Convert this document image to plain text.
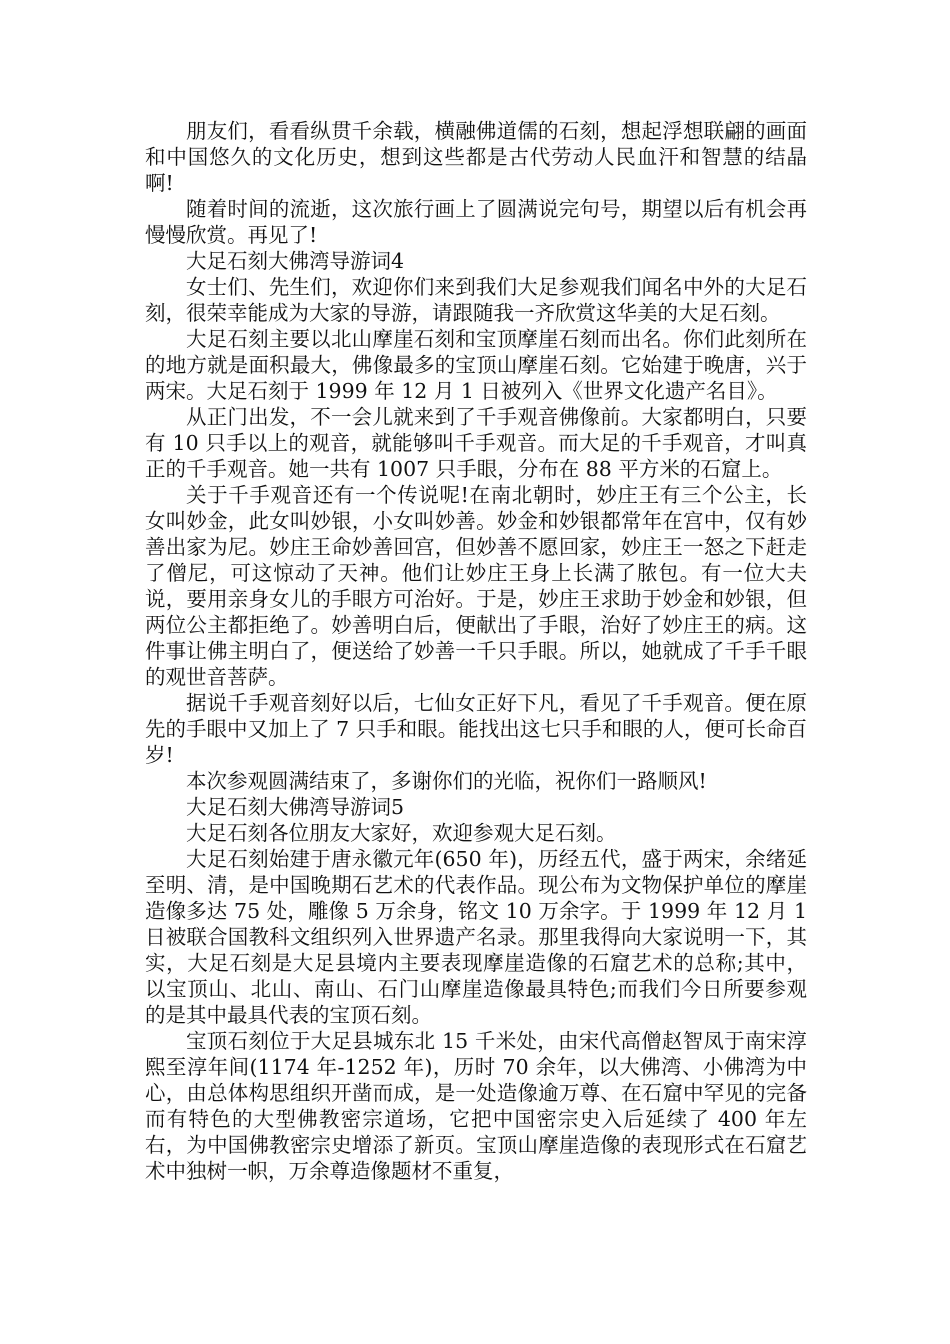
朋友们，看看纵贯千余载，横融佛道儒的石刻，想起浮想联翩的画面和中国悠久的文化历史，想到这些都是古代劳动人民血汗和智慧的结晶啊!

随着时间的流逝，这次旅行画上了圆满说完句号，期望以后有机会再慢慢欣赏。再见了!

大足石刻大佛湾导游词4

女士们、先生们，欢迎你们来到我们大足参观我们闻名中外的大足石刻，很荣幸能成为大家的导游，请跟随我一齐欣赏这华美的大足石刻。

大足石刻主要以北山摩崖石刻和宝顶摩崖石刻而出名。你们此刻所在的地方就是面积最大，佛像最多的宝顶山摩崖石刻。它始建于晚唐，兴于两宋。大足石刻于 1999 年 12 月 1 日被列入《世界文化遗产名目》。

从正门出发，不一会儿就来到了千手观音佛像前。大家都明白，只要有 10 只手以上的观音，就能够叫千手观音。而大足的千手观音，才叫真正的千手观音。她一共有 1007 只手眼，分布在 88 平方米的石窟上。

关于千手观音还有一个传说呢!在南北朝时，妙庄王有三个公主，长女叫妙金，此女叫妙银，小女叫妙善。妙金和妙银都常年在宫中，仅有妙善出家为尼。妙庄王命妙善回宫，但妙善不愿回家，妙庄王一怒之下赶走了僧尼，可这惊动了天神。他们让妙庄王身上长满了脓包。有一位大夫说，要用亲身女儿的手眼方可治好。于是，妙庄王求助于妙金和妙银，但两位公主都拒绝了。妙善明白后，便献出了手眼，治好了妙庄王的病。这件事让佛主明白了，便送给了妙善一千只手眼。所以，她就成了千手千眼的观世音菩萨。

据说千手观音刻好以后，七仙女正好下凡，看见了千手观音。便在原先的手眼中又加上了 7 只手和眼。能找出这七只手和眼的人，便可长命百岁!

本次参观圆满结束了，多谢你们的光临，祝你们一路顺风!

大足石刻大佛湾导游词5

大足石刻各位朋友大家好，欢迎参观大足石刻。

大足石刻始建于唐永徽元年(650 年)，历经五代，盛于两宋，余绪延至明、清，是中国晚期石艺术的代表作品。现公布为文物保护单位的摩崖造像多达 75 处，雕像 5 万余身，铭文 10 万余字。于 1999 年 12 月 1 日被联合国教科文组织列入世界遗产名录。那里我得向大家说明一下，其实，大足石刻是大足县境内主要表现摩崖造像的石窟艺术的总称;其中，以宝顶山、北山、南山、石门山摩崖造像最具特色;而我们今日所要参观的是其中最具代表的宝顶石刻。

宝顶石刻位于大足县城东北 15 千米处，由宋代高僧赵智凤于南宋淳熙至淳年间(1174 年-1252 年)，历时 70 余年，以大佛湾、小佛湾为中心，由总体构思组织开凿而成，是一处造像逾万尊、在石窟中罕见的完备而有特色的大型佛教密宗道场，它把中国密宗史入后延续了 400 年左右，为中国佛教密宗史增添了新页。宝顶山摩崖造像的表现形式在石窟艺术中独树一帜，万余尊造像题材不重复，
